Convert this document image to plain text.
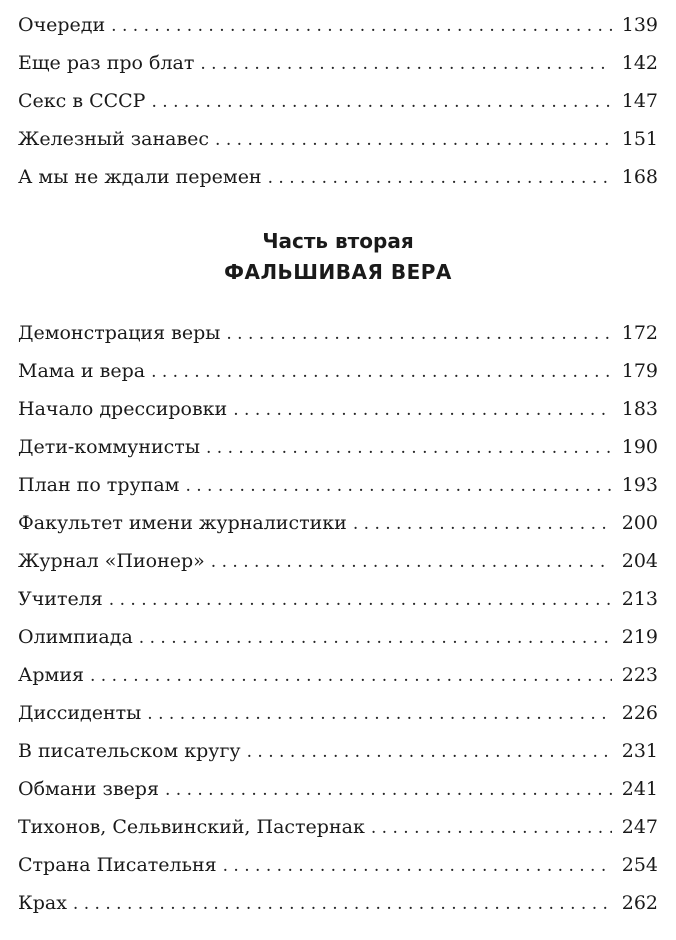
Очереди . . .	139
Еще раз про блат . . .	142
Секс в СССР . . .	147
Железный занавес . . .	151
А мы не ждали перемен . . .	168
Часть вторая
ФАЛЬШИВАЯ ВЕРА
Демонстрация веры . . .	172
Мама и вера . . .	179
Начало дрессировки . . .	183
Дети-коммунисты . . .	190
План по трупам . . .	193
Факультет имени журналистики . . .	200
Журнал «Пионер» . . .	204
Учителя . . .	213
Олимпиада . . .	219
Армия . . .	223
Диссиденты . . .	226
В писательском кругу . . .	231
Обмани зверя . . .	241
Тихонов, Сельвинский, Пастернак . . .	247
Страна Писательня . . .	254
Крах . . .	262
